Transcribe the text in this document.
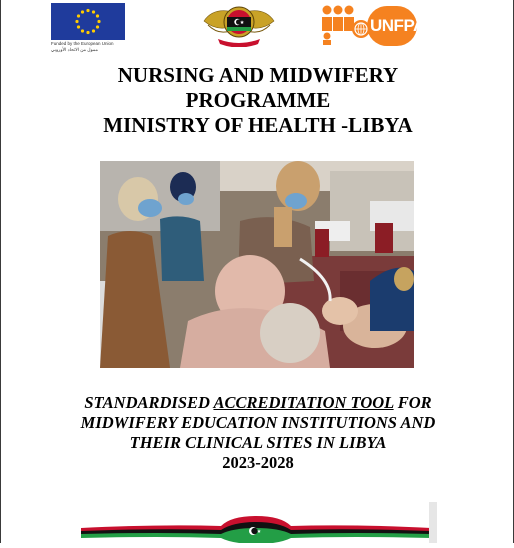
Funded by the European Union
ممول من الاتحاد الأوروبي
UNFPA
NURSING AND MIDWIFERY
PROGRAMME
MINISTRY OF HEALTH -LIBYA

STANDARDISED ACCREDITATION TOOL FOR

MIDWIFERY EDUCATION INSTITUTIONS AND

THEIR CLINICAL SITES IN LIBYA

2023-2028
